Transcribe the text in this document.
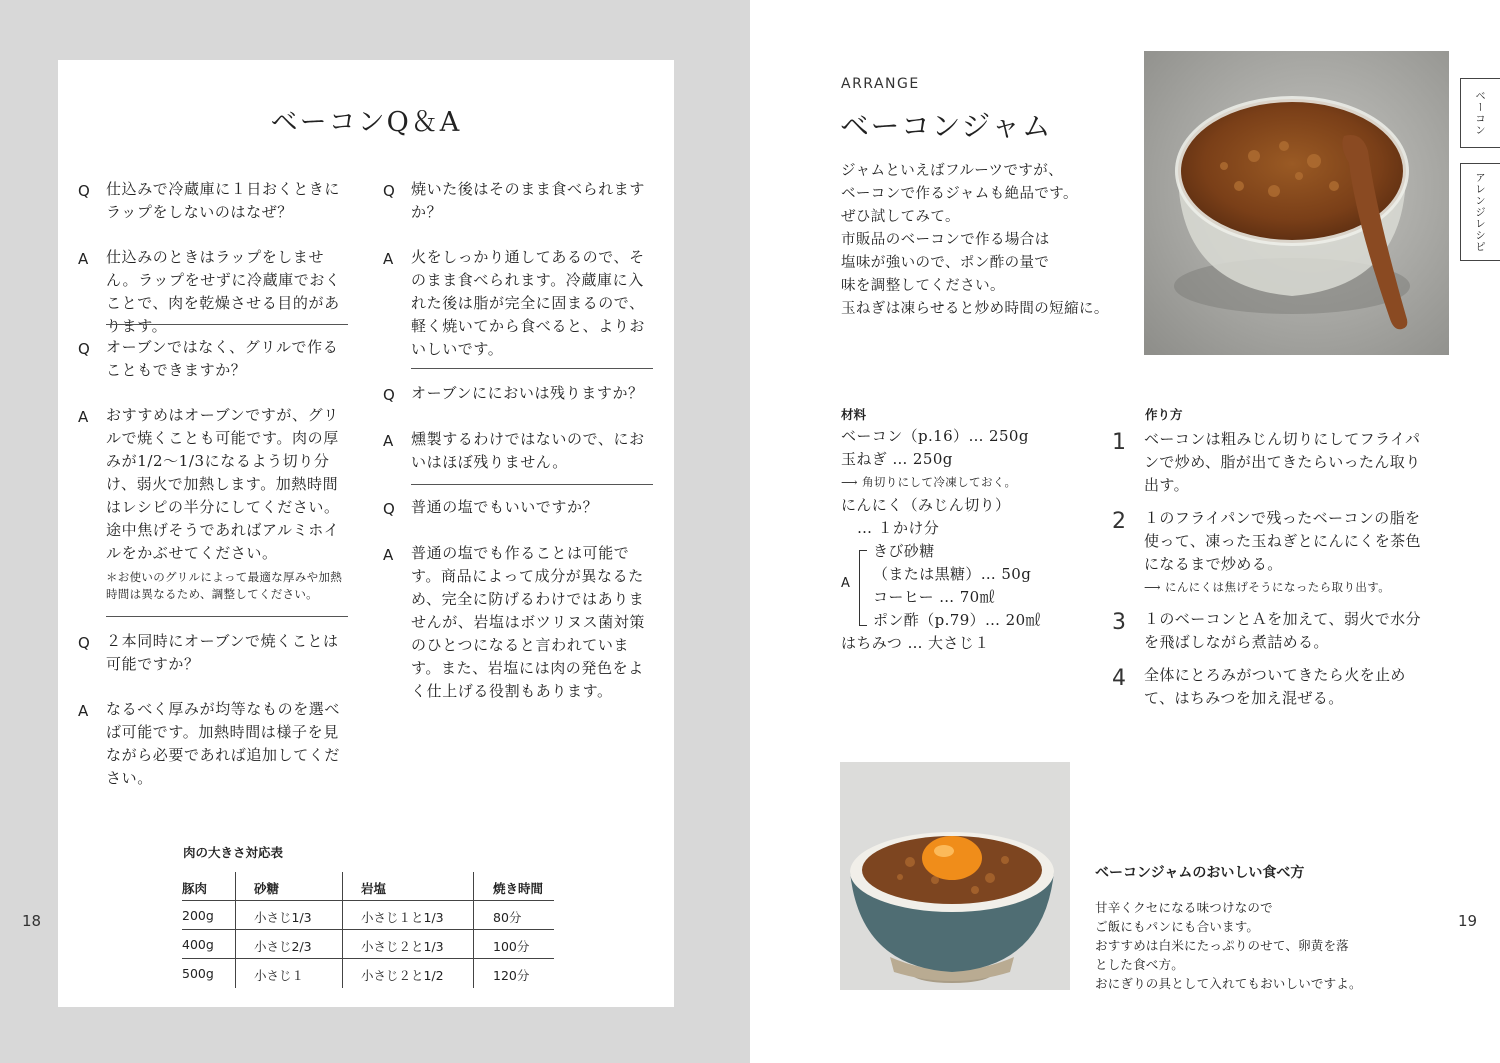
ベーコンQ＆A
Q 仕込みで冷蔵庫に１日おくときにラップをしないのはなぜ？
A 仕込みのときはラップをしません。ラップをせずに冷蔵庫でおくことで、肉を乾燥させる目的があります。
Q オーブンではなく、グリルで作ることもできますか？
A おすすめはオーブンですが、グリルで焼くことも可能です。肉の厚みが1/2〜1/3になるよう切り分け、弱火で加熱します。加熱時間はレシピの半分にしてください。途中焦げそうであればアルミホイルをかぶせてください。
＊お使いのグリルによって最適な厚みや加熱時間は異なるため、調整してください。
Q ２本同時にオーブンで焼くことは可能ですか？
A なるべく厚みが均等なものを選べば可能です。加熱時間は様子を見ながら必要であれば追加してください。
Q 焼いた後はそのまま食べられますか？
A 火をしっかり通してあるので、そのまま食べられます。冷蔵庫に入れた後は脂が完全に固まるので、軽く焼いてから食べると、よりおいしいです。
Q オーブンににおいは残りますか？
A 燻製するわけではないので、においはほぼ残りません。
Q 普通の塩でもいいですか？
A 普通の塩でも作ることは可能です。商品によって成分が異なるため、完全に防げるわけではありませんが、岩塩はボツリヌス菌対策のひとつになると言われています。また、岩塩には肉の発色をよく仕上げる役割もあります。
肉の大きさ対応表
豚肉	砂糖	岩塩	焼き時間
200g	小さじ1/3	小さじ１と1/3	80分
400g	小さじ2/3	小さじ２と1/3	100分
500g	小さじ１	小さじ２と1/2	120分
18
ARRANGE
ベーコンジャム
ジャムといえばフルーツですが、
ベーコンで作るジャムも絶品です。
ぜひ試してみて。
市販品のベーコンで作る場合は
塩味が強いので、ポン酢の量で
味を調整してください。
玉ねぎは凍らせると炒め時間の短縮に。
ベーコン
アレンジレシピ
材料
ベーコン（p.16）… 250g
玉ねぎ … 250g
⟶ 角切りにして冷凍しておく。
にんにく（みじん切り）
… １かけ分
A
きび砂糖
（または黒糖）… 50g
コーヒー … 70㎖
ポン酢（p.79）… 20㎖
はちみつ … 大さじ１
作り方
1 ベーコンは粗みじん切りにしてフライパンで炒め、脂が出てきたらいったん取り出す。
2 １のフライパンで残ったベーコンの脂を使って、凍った玉ねぎとにんにくを茶色になるまで炒める。
⟶ にんにくは焦げそうになったら取り出す。
3 １のベーコンとＡを加えて、弱火で水分を飛ばしながら煮詰める。
4 全体にとろみがついてきたら火を止めて、はちみつを加え混ぜる。
ベーコンジャムのおいしい食べ方
甘辛くクセになる味つけなので
ご飯にもパンにも合います。
おすすめは白米にたっぷりのせて、卵黄を落
とした食べ方。
おにぎりの具として入れてもおいしいですよ。
19
